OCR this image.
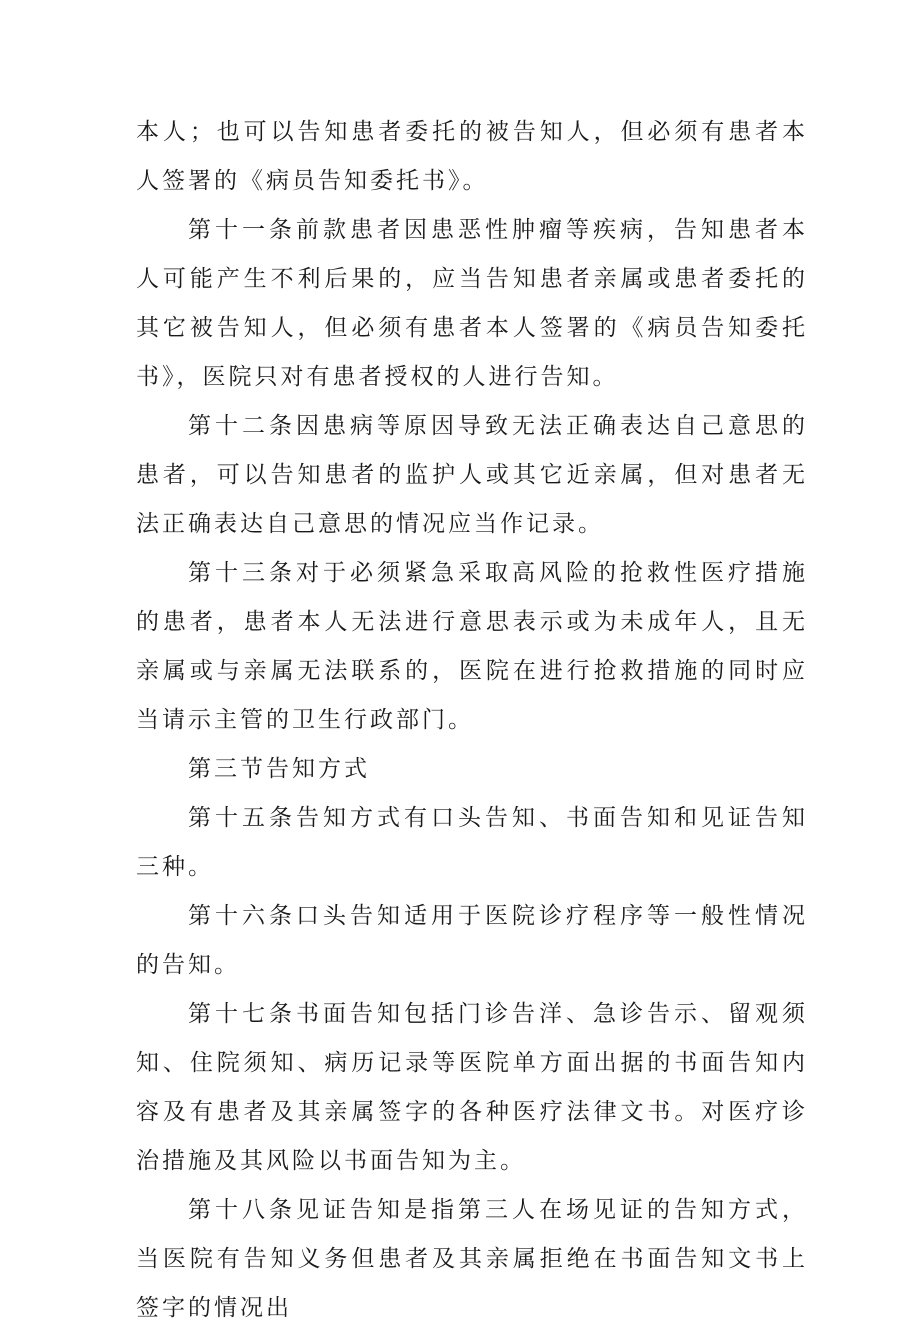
本人；也可以告知患者委托的被告知人，但必须有患者本人签署的《病员告知委托书》。

第十一条前款患者因患恶性肿瘤等疾病，告知患者本人可能产生不利后果的，应当告知患者亲属或患者委托的其它被告知人，但必须有患者本人签署的《病员告知委托书》，医院只对有患者授权的人进行告知。

第十二条因患病等原因导致无法正确表达自己意思的患者，可以告知患者的监护人或其它近亲属，但对患者无法正确表达自己意思的情况应当作记录。

第十三条对于必须紧急采取高风险的抢救性医疗措施的患者，患者本人无法进行意思表示或为未成年人，且无亲属或与亲属无法联系的，医院在进行抢救措施的同时应当请示主管的卫生行政部门。

第三节告知方式

第十五条告知方式有口头告知、书面告知和见证告知三种。

第十六条口头告知适用于医院诊疗程序等一般性情况的告知。

第十七条书面告知包括门诊告洋、急诊告示、留观须知、住院须知、病历记录等医院单方面出据的书面告知内容及有患者及其亲属签字的各种医疗法律文书。对医疗诊治措施及其风险以书面告知为主。

第十八条见证告知是指第三人在场见证的告知方式，当医院有告知义务但患者及其亲属拒绝在书面告知文书上签字的情况出
